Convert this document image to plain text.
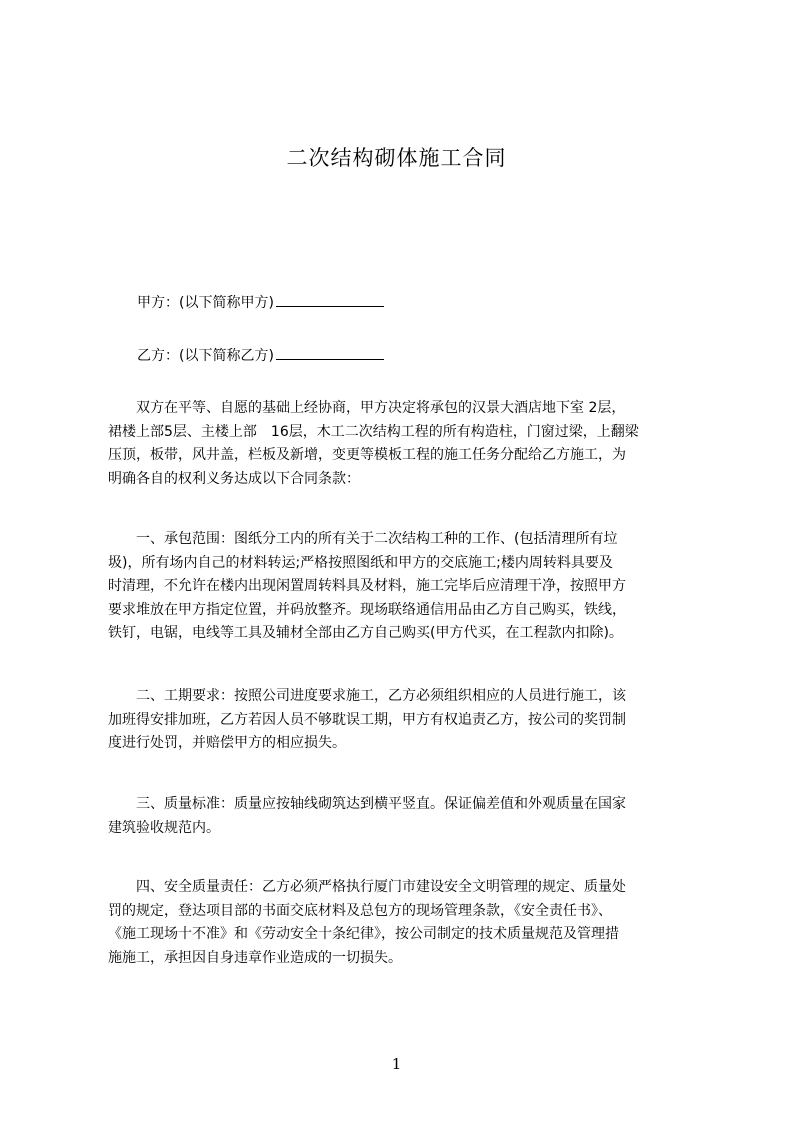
二次结构砌体施工合同
甲方：(以下简称甲方)
乙方：(以下简称乙方)
　　双方在平等、自愿的基础上经协商，甲方决定将承包的汉景大酒店地下室 2层，
裙楼上部5层、主楼上部　16层，木工二次结构工程的所有构造柱，门窗过梁，上翻梁
压顶，板带，风井盖，栏板及新增，变更等模板工程的施工任务分配给乙方施工，为
明确各自的权利义务达成以下合同条款：
　　一、承包范围：图纸分工内的所有关于二次结构工种的工作、(包括清理所有垃
圾)，所有场内自己的材料转运;严格按照图纸和甲方的交底施工;楼内周转料具要及
时清理，不允许在楼内出现闲置周转料具及材料，施工完毕后应清理干净，按照甲方
要求堆放在甲方指定位置，并码放整齐。现场联络通信用品由乙方自己购买，铁线，
铁钉，电锯，电线等工具及辅材全部由乙方自己购买(甲方代买，在工程款内扣除)。
　　二、工期要求：按照公司进度要求施工，乙方必须组织相应的人员进行施工，该
加班得安排加班，乙方若因人员不够耽误工期，甲方有权追责乙方，按公司的奖罚制
度进行处罚，并赔偿甲方的相应损失。
　　三、质量标准：质量应按轴线砌筑达到横平竖直。保证偏差值和外观质量在国家
建筑验收规范内。
　　四、安全质量责任：乙方必须严格执行厦门市建设安全文明管理的规定、质量处
罚的规定，登达项目部的书面交底材料及总包方的现场管理条款，《安全责任书》、
《施工现场十不准》和《劳动安全十条纪律》，按公司制定的技术质量规范及管理措
施施工，承担因自身违章作业造成的一切损失。
1
